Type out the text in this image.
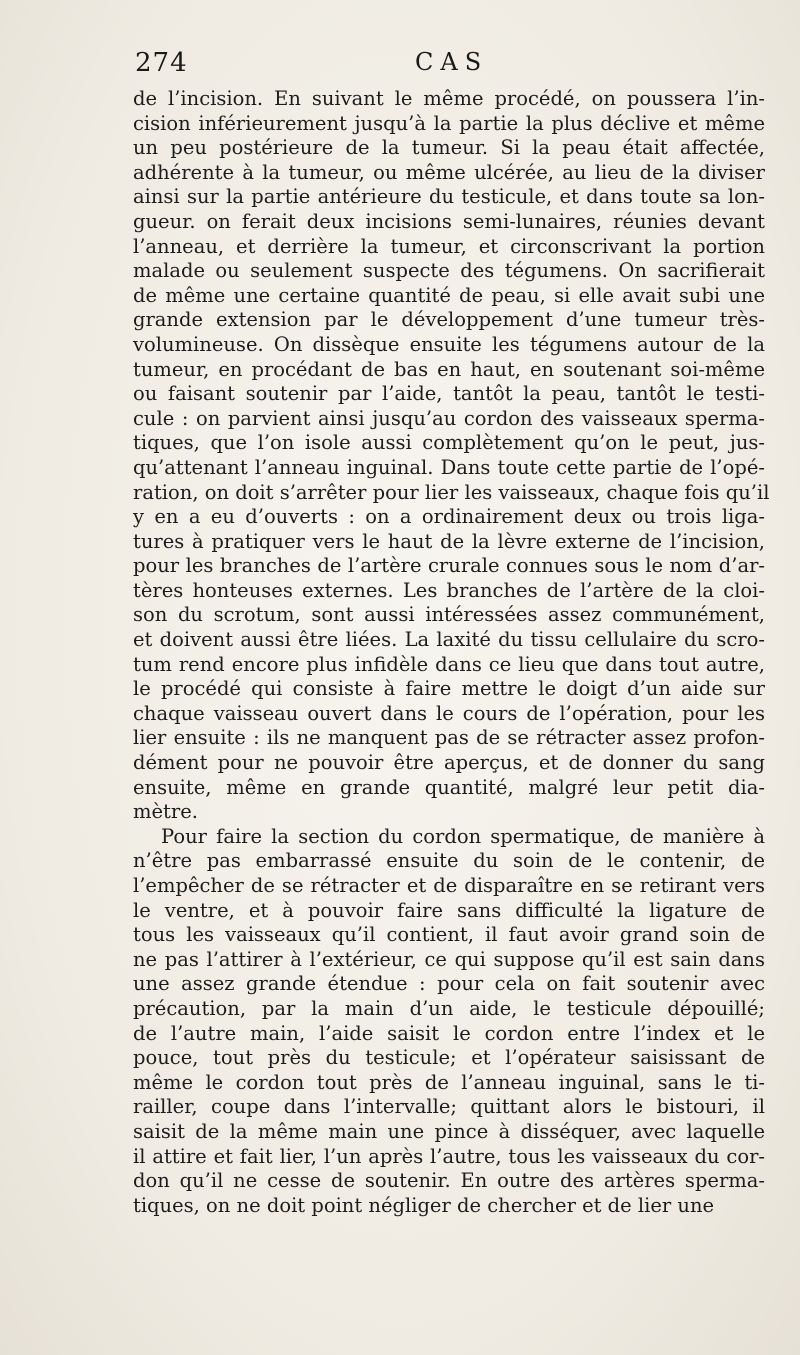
274	CAS
de l’incision. En suivant le même procédé, on poussera l’in-
cision inférieurement jusqu’à la partie la plus déclive et même
un peu postérieure de la tumeur. Si la peau était affectée,
adhérente à la tumeur, ou même ulcérée, au lieu de la diviser
ainsi sur la partie antérieure du testicule, et dans toute sa lon-
gueur. on ferait deux incisions semi-lunaires, réunies devant
l’anneau, et derrière la tumeur, et circonscrivant la portion
malade ou seulement suspecte des tégumens. On sacrifierait
de même une certaine quantité de peau, si elle avait subi une
grande extension par le développement d’une tumeur très-
volumineuse. On dissèque ensuite les tégumens autour de la
tumeur, en procédant de bas en haut, en soutenant soi-même
ou faisant soutenir par l’aide, tantôt la peau, tantôt le testi-
cule : on parvient ainsi jusqu’au cordon des vaisseaux sperma-
tiques, que l’on isole aussi complètement qu’on le peut, jus-
qu’attenant l’anneau inguinal. Dans toute cette partie de l’opé-
ration, on doit s’arrêter pour lier les vaisseaux, chaque fois qu’il
y en a eu d’ouverts : on a ordinairement deux ou trois liga-
tures à pratiquer vers le haut de la lèvre externe de l’incision,
pour les branches de l’artère crurale connues sous le nom d’ar-
tères honteuses externes. Les branches de l’artère de la cloi-
son du scrotum, sont aussi intéressées assez communément,
et doivent aussi être liées. La laxité du tissu cellulaire du scro-
tum rend encore plus infidèle dans ce lieu que dans tout autre,
le procédé qui consiste à faire mettre le doigt d’un aide sur
chaque vaisseau ouvert dans le cours de l’opération, pour les
lier ensuite : ils ne manquent pas de se rétracter assez profon-
dément pour ne pouvoir être aperçus, et de donner du sang
ensuite, même en grande quantité, malgré leur petit dia-
mètre.
Pour faire la section du cordon spermatique, de manière à
n’être pas embarrassé ensuite du soin de le contenir, de
l’empêcher de se rétracter et de disparaître en se retirant vers
le ventre, et à pouvoir faire sans difficulté la ligature de
tous les vaisseaux qu’il contient, il faut avoir grand soin de
ne pas l’attirer à l’extérieur, ce qui suppose qu’il est sain dans
une assez grande étendue : pour cela on fait soutenir avec
précaution, par la main d’un aide, le testicule dépouillé;
de l’autre main, l’aide saisit le cordon entre l’index et le
pouce, tout près du testicule; et l’opérateur saisissant de
même le cordon tout près de l’anneau inguinal, sans le ti-
railler, coupe dans l’intervalle; quittant alors le bistouri, il
saisit de la même main une pince à disséquer, avec laquelle
il attire et fait lier, l’un après l’autre, tous les vaisseaux du cor-
don qu’il ne cesse de soutenir. En outre des artères sperma-
tiques, on ne doit point négliger de chercher et de lier une
